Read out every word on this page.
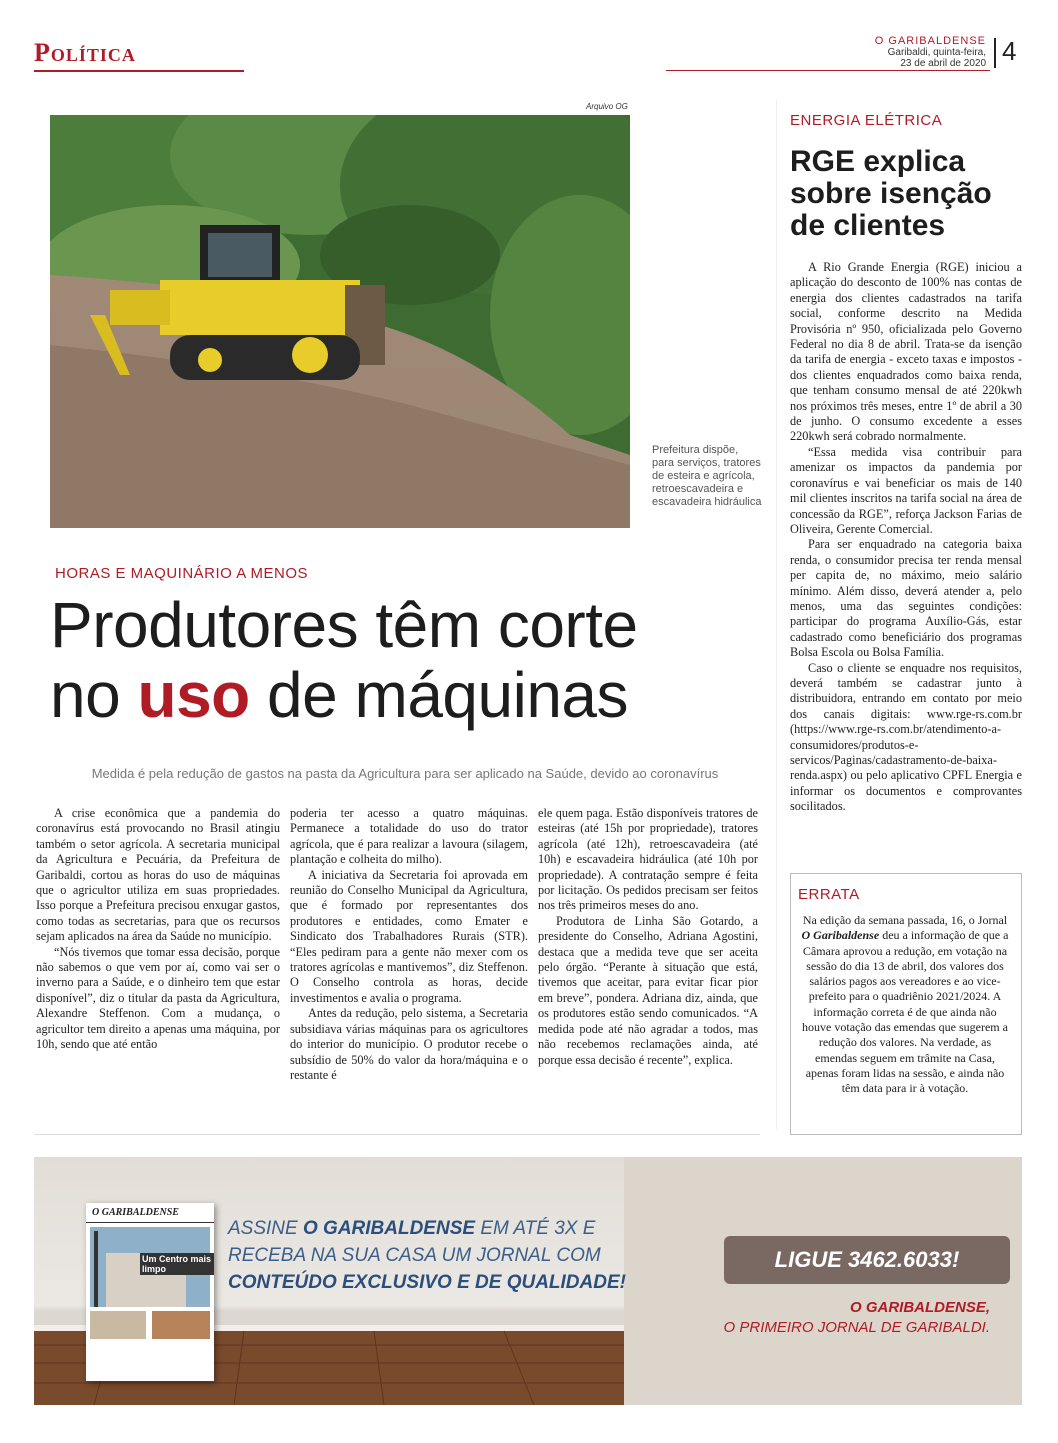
Política	O GARIBALDENSE
Garibaldi, quinta-feira,
23 de abril de 2020 4
Arquivo OG
Prefeitura dispõe, para serviços, tratores de esteira e agrícola, retroescavadeira e escavadeira hidráulica
HORAS E MAQUINÁRIO A MENOS
Produtores têm corte
no uso de máquinas
Medida é pela redução de gastos na pasta da Agricultura para ser aplicado na Saúde, devido ao coronavírus

A crise econômica que a pandemia do coronavírus está provocando no Brasil atingiu também o setor agrícola. A secretaria municipal da Agricultura e Pecuária, da Prefeitura de Garibaldi, cortou as horas do uso de máquinas que o agricultor utiliza em suas propriedades. Isso porque a Prefeitura precisou enxugar gastos, como todas as secretarias, para que os recursos sejam aplicados na área da Saúde no município.

“Nós tivemos que tomar essa decisão, porque não sabemos o que vem por aí, como vai ser o inverno para a Saúde, e o dinheiro tem que estar disponível”, diz o titular da pasta da Agricultura, Alexandre Steffenon. Com a mudança, o agricultor tem direito a apenas uma máquina, por 10h, sendo que até então

poderia ter acesso a quatro máquinas. Permanece a totalidade do uso do trator agrícola, que é para realizar a lavoura (silagem, plantação e colheita do milho).

A iniciativa da Secretaria foi aprovada em reunião do Conselho Municipal da Agricultura, que é formado por representantes dos produtores e entidades, como Emater e Sindicato dos Trabalhadores Rurais (STR). “Eles pediram para a gente não mexer com os tratores agrícolas e mantivemos”, diz Steffenon. O Conselho controla as horas, decide investimentos e avalia o programa.

Antes da redução, pelo sistema, a Secretaria subsidiava várias máquinas para os agricultores do interior do município. O produtor recebe o subsídio de 50% do valor da hora/máquina e o restante é

ele quem paga. Estão disponíveis tratores de esteiras (até 15h por propriedade), tratores agrícola (até 12h), retroescavadeira (até 10h) e escavadeira hidráulica (até 10h por propriedade). A contratação sempre é feita por licitação. Os pedidos precisam ser feitos nos três primeiros meses do ano.

Produtora de Linha São Gotardo, a presidente do Conselho, Adriana Agostini, destaca que a medida teve que ser aceita pelo órgão. “Perante à situação que está, tivemos que aceitar, para evitar ficar pior em breve”, pondera. Adriana diz, ainda, que os produtores estão sendo comunicados. “A medida pode até não agradar a todos, mas não recebemos reclamações ainda, até porque essa decisão é recente”, explica.

ENERGIA ELÉTRICA
RGE explica sobre isenção de clientes

A Rio Grande Energia (RGE) iniciou a aplicação do desconto de 100% nas contas de energia dos clientes cadastrados na tarifa social, conforme descrito na Medida Provisória nº 950, oficializada pelo Governo Federal no dia 8 de abril. Trata-se da isenção da tarifa de energia - exceto taxas e impostos - dos clientes enquadrados como baixa renda, que tenham consumo mensal de até 220kwh nos próximos três meses, entre 1º de abril a 30 de junho. O consumo excedente a esses 220kwh será cobrado normalmente.

“Essa medida visa contribuir para amenizar os impactos da pandemia por coronavírus e vai beneficiar os mais de 140 mil clientes inscritos na tarifa social na área de concessão da RGE”, reforça Jackson Farias de Oliveira, Gerente Comercial.

Para ser enquadrado na categoria baixa renda, o consumidor precisa ter renda mensal per capita de, no máximo, meio salário mínimo. Além disso, deverá atender a, pelo menos, uma das seguintes condições: participar do programa Auxílio-Gás, estar cadastrado como beneficiário dos programas Bolsa Escola ou Bolsa Família.

Caso o cliente se enquadre nos requisitos, deverá também se cadastrar junto à distribuidora, entrando em contato por meio dos canais digitais: www.rge-rs.com.br (https://www.rge-rs.com.br/atendimento-a-consumidores/produtos-e-servicos/Paginas/cadastramento-de-baixa-renda.aspx) ou pelo aplicativo CPFL Energia e informar os documentos e comprovantes socilitados.

ERRATA
Na edição da semana passada, 16, o Jornal O Garibaldense deu a informação de que a Câmara aprovou a redução, em votação na sessão do dia 13 de abril, dos valores dos salários pagos aos vereadores e ao vice-prefeito para o quadriênio 2021/2024. A informação correta é de que ainda não houve votação das emendas que sugerem a redução dos valores. Na verdade, as emendas seguem em trâmite na Casa, apenas foram lidas na sessão, e ainda não têm data para ir à votação.
O GARIBALDENSE
Um Centro mais limpo
ASSINE O GARIBALDENSE EM ATÉ 3X E
RECEBA NA SUA CASA UM JORNAL COM
CONTEÚDO EXCLUSIVO E DE QUALIDADE!
LIGUE 3462.6033!
O GARIBALDENSE,
O PRIMEIRO JORNAL DE GARIBALDI.
